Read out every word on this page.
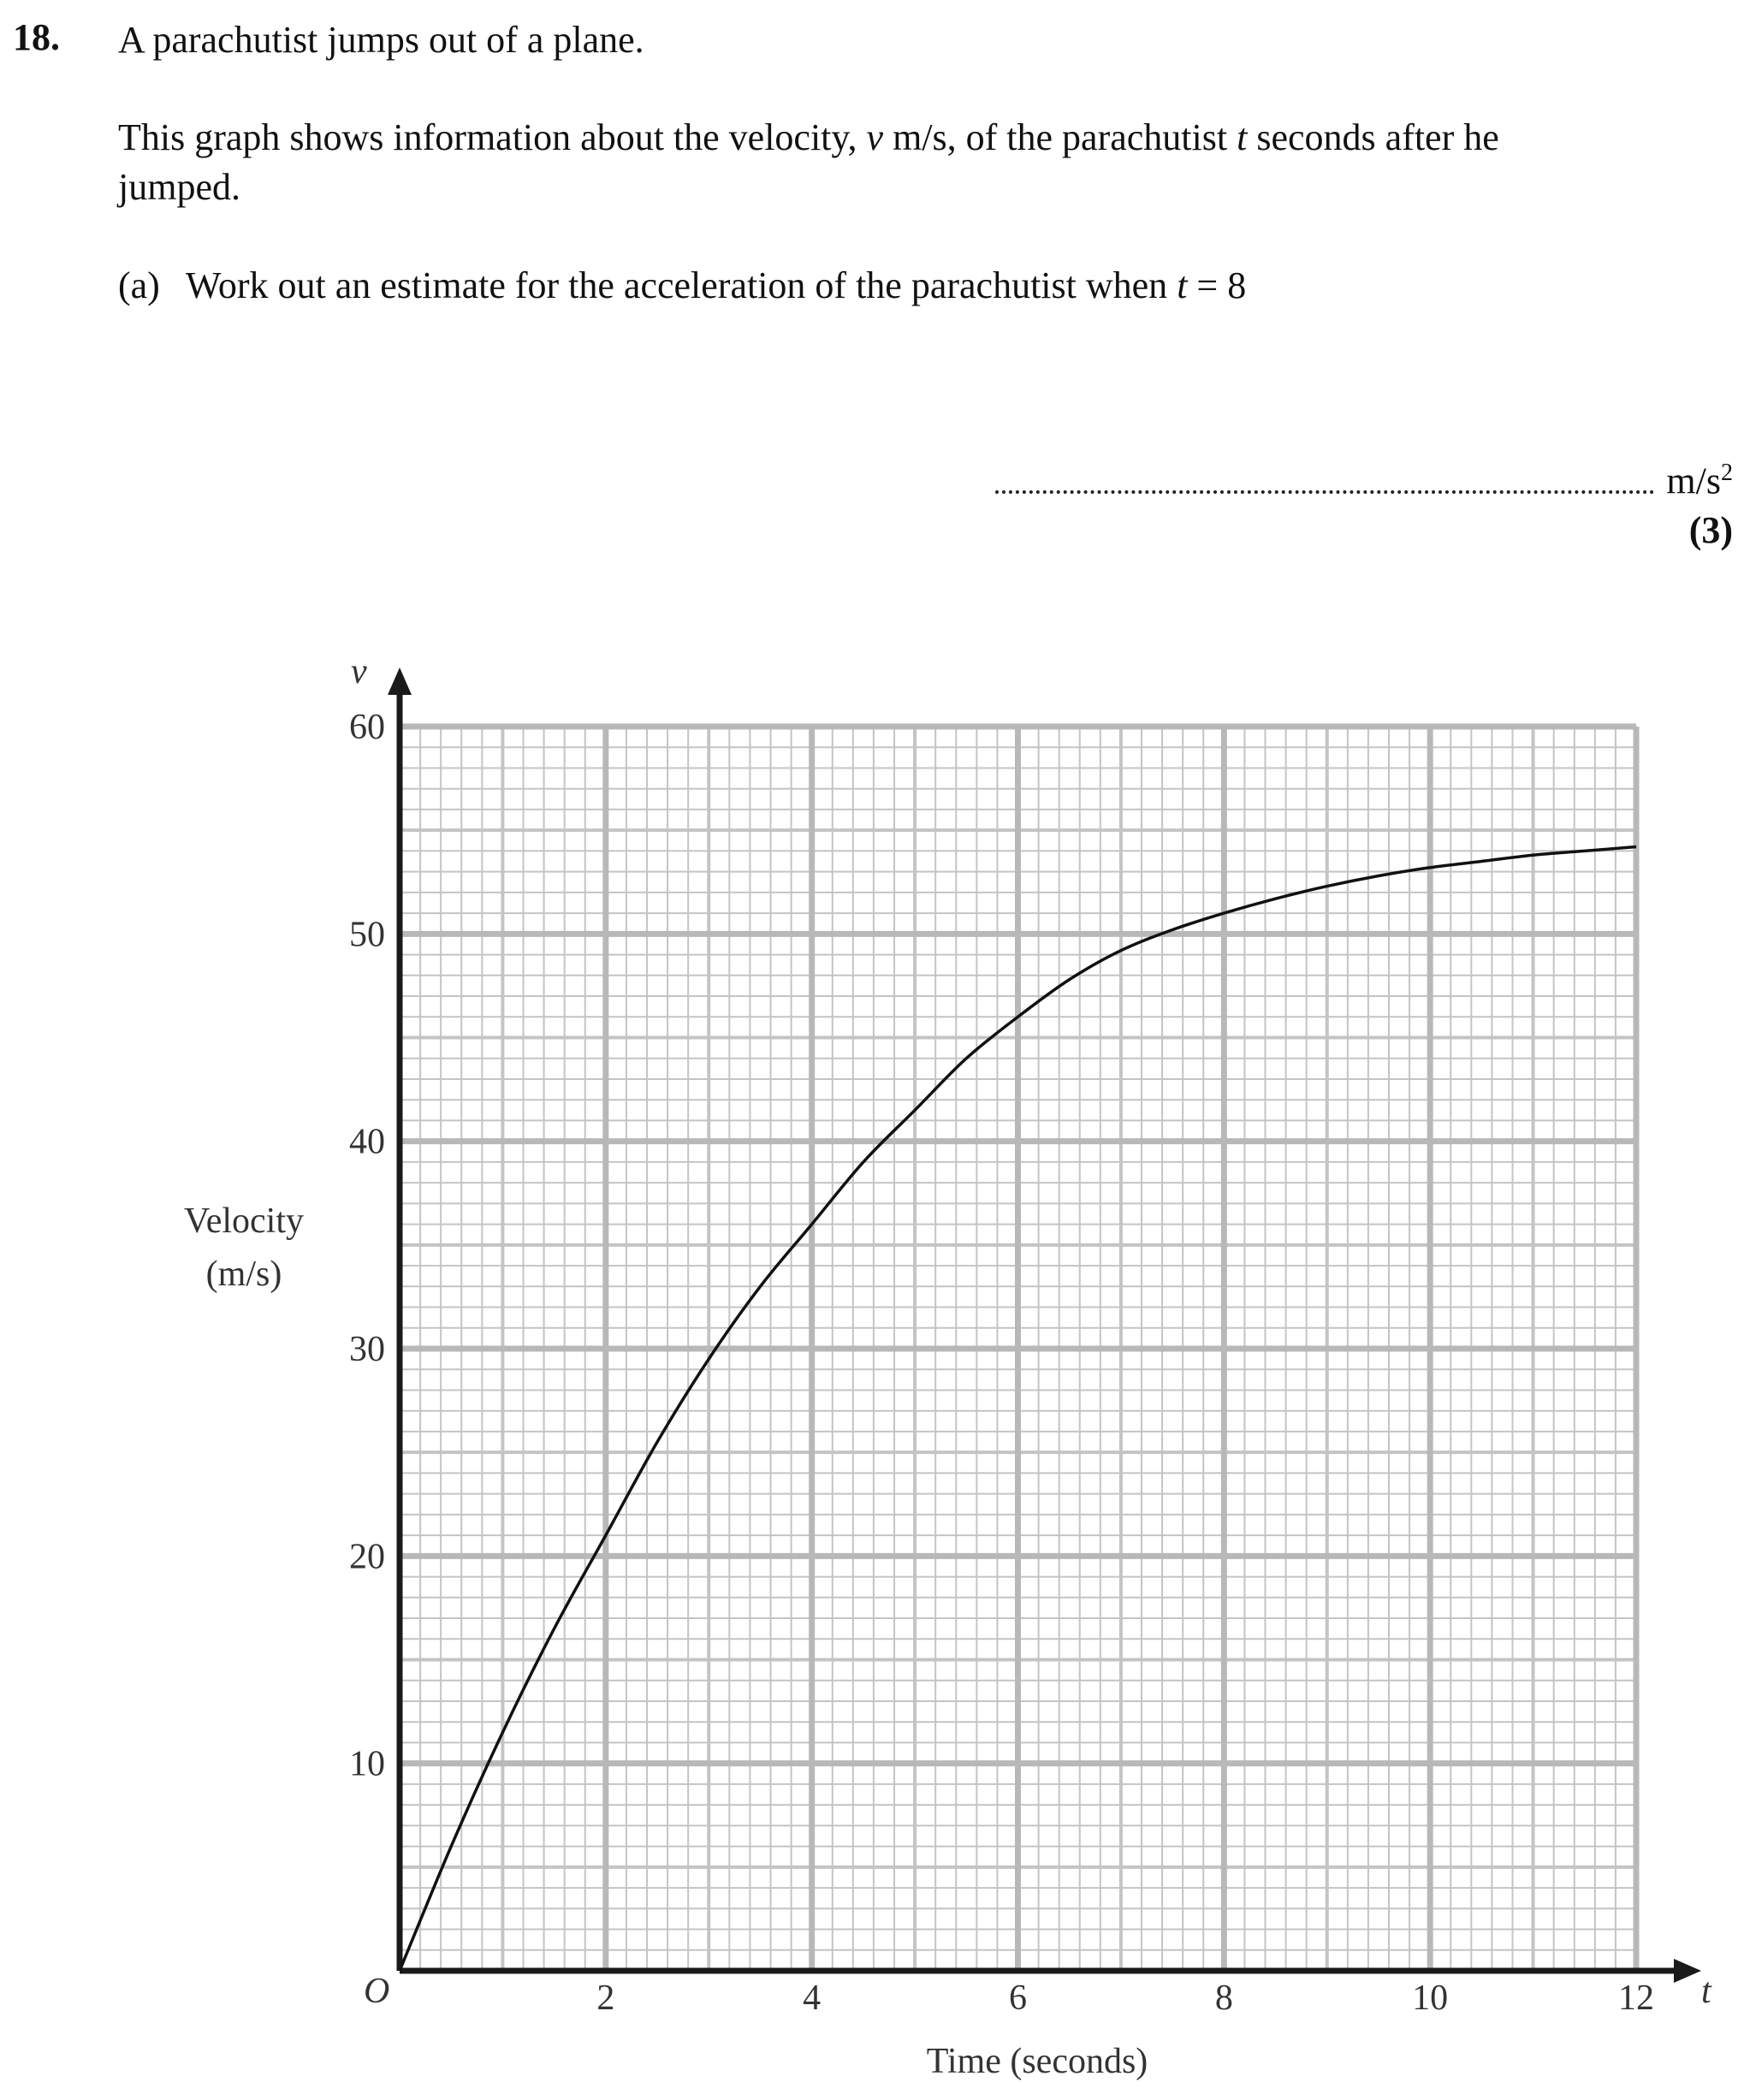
18. A parachutist jumps out of a plane.
This graph shows information about the velocity, v m/s, of the parachutist t seconds after he
jumped.
(a) Work out an estimate for the acceleration of the parachutist when t = 8
$m/s^2$
(3)
2	4	6	8	10	12
10
20
30
40
50
60
v
t
O
Velocity
(m/s)
Time (seconds)
